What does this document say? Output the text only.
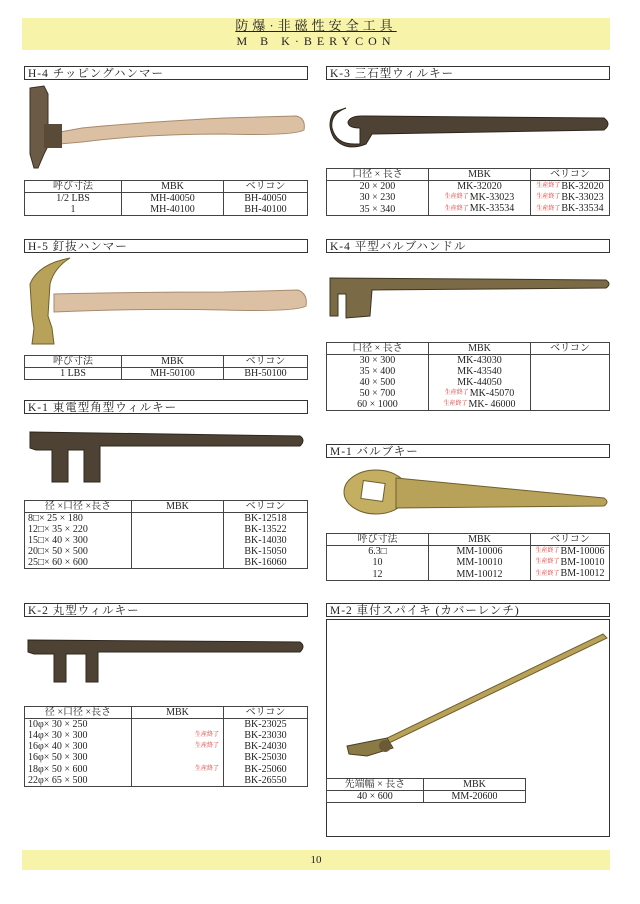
防爆·非磁性安全工具
M B K·BERYCON
H-4 チッピングハンマー
呼び寸法	MBK	ベリコン
1/2 LBS	MH-40050	BH-40050
1	MH-40100	BH-40100
H-5 釘抜ハンマー
呼び寸法	MBK	ベリコン
1 LBS	MH-50100	BH-50100
K-1 東電型角型ウィルキー
径 ×口径 ×長さ	MBK	ベリコン
8□× 25 × 180		BK-12518
12□× 35 × 220		BK-13522
15□× 40 × 300		BK-14030
20□× 50 × 500		BK-15050
25□× 60 × 600		BK-16060
K-2 丸型ウィルキー
径 ×口径 ×長さ	MBK	ベリコン
10φ× 30 × 250		BK-23025
14φ× 30 × 300	生産終了	BK-23030
16φ× 40 × 300	生産終了	BK-24030
16φ× 50 × 300		BK-25030
18φ× 50 × 600	生産終了	BK-25060
22φ× 65 × 500		BK-26550
K-3 三石型ウィルキー
口径 × 長さ	MBK	ベリコン
20 × 200	MK-32020	生産終了BK-32020
30 × 230	生産終了MK-33023	生産終了BK-33023
35 × 340	生産終了MK-33534	生産終了BK-33534
K-4 平型バルブハンドル
口径 × 長さ	MBK	ベリコン
30 × 300	MK-43030	
35 × 400	MK-43540	
40 × 500	MK-44050	
50 × 700	生産終了MK-45070	
60 × 1000	生産終了MK- 46000	
M-1 バルブキー
呼び寸法	MBK	ベリコン
6.3□	MM-10006	生産終了BM-10006
10	MM-10010	生産終了BM-10010
12	MM-10012	生産終了BM-10012
M-2 車付スパイキ (カバーレンチ)
先端幅 × 長さ	MBK
40 × 600	MM-20600
10
